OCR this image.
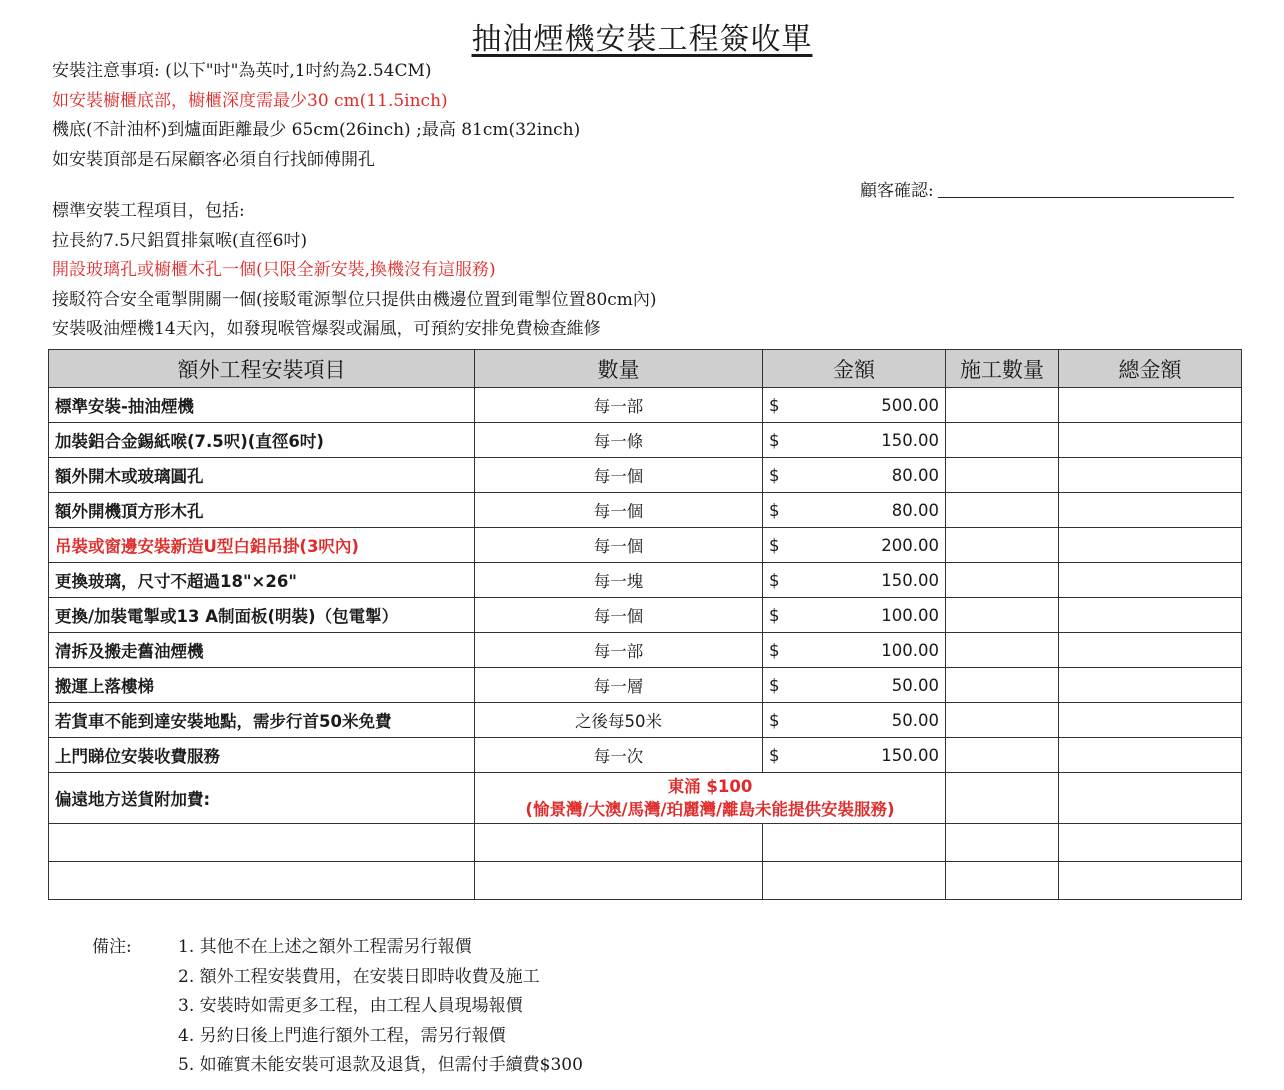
抽油煙機安裝工程簽收單
安裝注意事項: (以下"吋"為英吋,1吋約為2.54CM)
如安裝櫥櫃底部，櫥櫃深度需最少30 cm(11.5inch)
機底(不計油杯)到爐面距離最少 65cm(26inch) ;最高 81cm(32inch)
如安裝頂部是石屎顧客必須自行找師傅開孔
顧客確認:
標準安裝工程項目，包括:
拉長約7.5尺鋁質排氣喉(直徑6吋)
開設玻璃孔或櫥櫃木孔一個(只限全新安裝,換機沒有這服務)
接駁符合安全電掣開關一個(接駁電源掣位只提供由機邊位置到電掣位置80cm內)
安裝吸油煙機14天內，如發現喉管爆裂或漏風，可預約安排免費檢查維修
額外工程安裝項目	數量	金額	施工數量	總金額
標準安裝-抽油煙機	每一部	$ 500.00		

加裝鋁合金錫紙喉(7.5呎)(直徑6吋)	每一條	$ 150.00		

額外開木或玻璃圓孔	每一個	$ 80.00		

額外開機頂方形木孔	每一個	$ 80.00		

吊裝或窗邊安裝新造U型白鋁吊掛(3呎內)	每一個	$ 200.00		

更換玻璃，尺寸不超過18"×26"	每一塊	$ 150.00		

更換/加裝電掣或13 A制面板(明裝)（包電掣）	每一個	$ 100.00		

清拆及搬走舊油煙機	每一部	$ 100.00		

搬運上落樓梯	每一層	$ 50.00		

若貨車不能到達安裝地點，需步行首50米免費	之後每50米	$ 50.00		

上門睇位安裝收費服務	每一次	$ 150.00		

偏遠地方送貨附加費:	東涌 $100
(愉景灣/大澳/馬灣/珀麗灣/離島未能提供安裝服務)			

備注:	1. 其他不在上述之額外工程需另行報價
2. 額外工程安裝費用，在安裝日即時收費及施工
3. 安裝時如需更多工程，由工程人員現場報價
4. 另約日後上門進行額外工程，需另行報價
5. 如確實未能安裝可退款及退貨，但需付手續費$300
